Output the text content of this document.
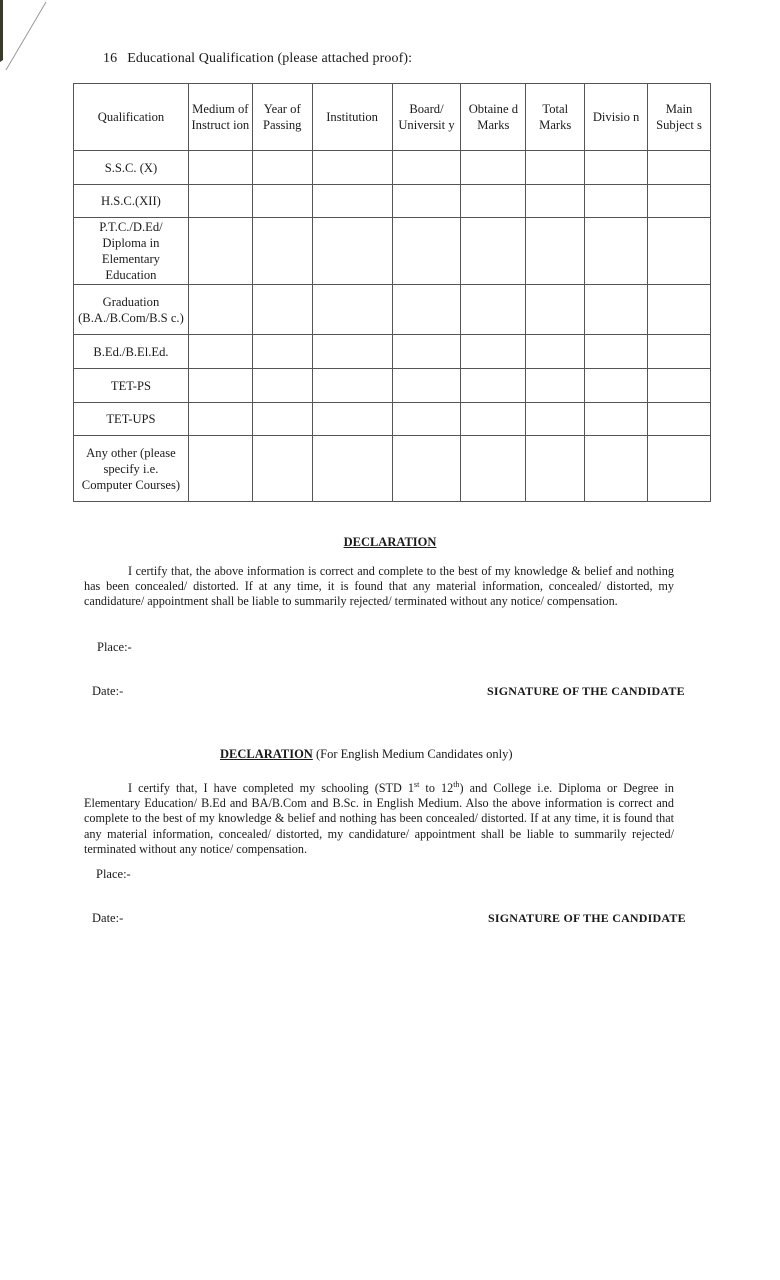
16 Educational Qualification (please attached proof):
Qualification	Medium of Instruct ion	Year of Passing	Institution	Board/ Universit y	Obtaine d Marks	Total Marks	Divisio n	Main Subject s
S.S.C. (X)								
H.S.C.(XII)								
P.T.C./D.Ed/ Diploma in Elementary Education								
Graduation (B.A./B.Com/B.S c.)								
B.Ed./B.El.Ed.								
TET-PS								
TET-UPS								
Any other (please specify i.e. Computer Courses)								
DECLARATION
I certify that, the above information is correct and complete to the best of my knowledge & belief and nothing has been concealed/ distorted. If at any time, it is found that any material information, concealed/ distorted, my candidature/ appointment shall be liable to summarily rejected/ terminated without any notice/ compensation.
Place:-
Date:-	SIGNATURE OF THE CANDIDATE
DECLARATION (For English Medium Candidates only)
I certify that, I have completed my schooling (STD 1st to 12th) and College i.e. Diploma or Degree in Elementary Education/ B.Ed and BA/B.Com and B.Sc. in English Medium. Also the above information is correct and complete to the best of my knowledge & belief and nothing has been concealed/ distorted. If at any time, it is found that any material information, concealed/ distorted, my candidature/ appointment shall be liable to summarily rejected/ terminated without any notice/ compensation.
Place:-
Date:-	SIGNATURE OF THE CANDIDATE
